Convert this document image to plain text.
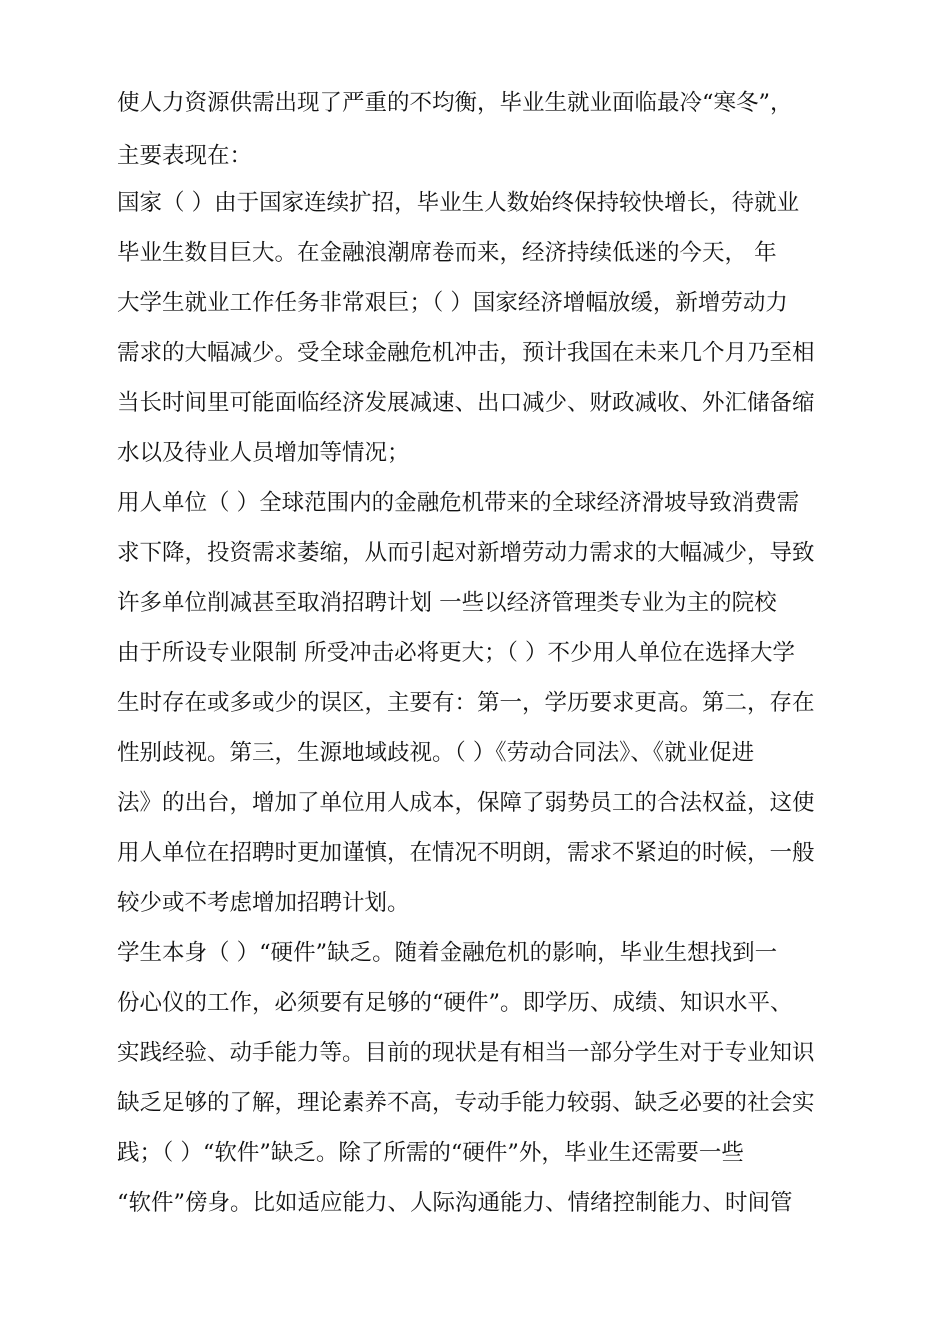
使人力资源供需出现了严重的不均衡，毕业生就业面临最冷“寒冬”，
主要表现在：
国家（ ）由于国家连续扩招，毕业生人数始终保持较快增长，待就业
毕业生数目巨大。在金融浪潮席卷而来，经济持续低迷的今天， 年
大学生就业工作任务非常艰巨；（ ）国家经济增幅放缓，新增劳动力
需求的大幅减少。受全球金融危机冲击，预计我国在未来几个月乃至相
当长时间里可能面临经济发展减速、出口减少、财政减收、外汇储备缩
水以及待业人员增加等情况；
用人单位（ ）全球范围内的金融危机带来的全球经济滑坡导致消费需
求下降，投资需求萎缩，从而引起对新增劳动力需求的大幅减少，导致
许多单位削减甚至取消招聘计划 一些以经济管理类专业为主的院校
由于所设专业限制 所受冲击必将更大；（ ）不少用人单位在选择大学
生时存在或多或少的误区，主要有：第一，学历要求更高。第二，存在
性别歧视。第三，生源地域歧视。（ ）《劳动合同法》、《就业促进
法》的出台，增加了单位用人成本，保障了弱势员工的合法权益，这使
用人单位在招聘时更加谨慎，在情况不明朗，需求不紧迫的时候，一般
较少或不考虑增加招聘计划。
学生本身（ ）“硬件”缺乏。随着金融危机的影响，毕业生想找到一
份心仪的工作，必须要有足够的“硬件”。即学历、成绩、知识水平、
实践经验、动手能力等。目前的现状是有相当一部分学生对于专业知识
缺乏足够的了解，理论素养不高，专动手能力较弱、缺乏必要的社会实
践；（ ）“软件”缺乏。除了所需的“硬件”外，毕业生还需要一些
“软件”傍身。比如适应能力、人际沟通能力、情绪控制能力、时间管
